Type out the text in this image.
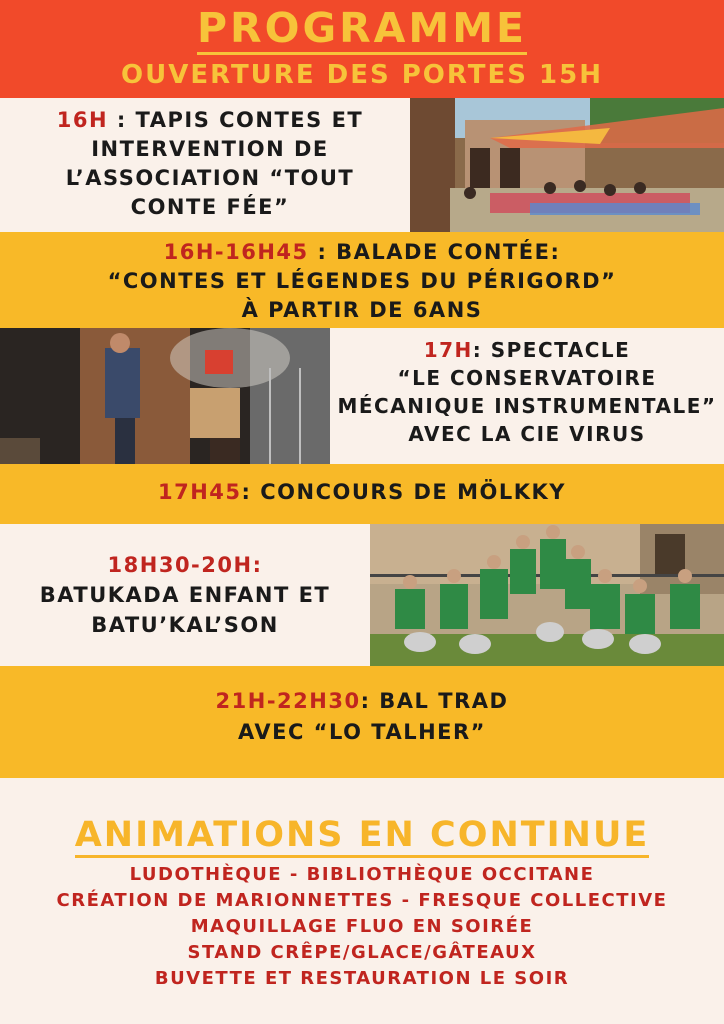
PROGRAMME
OUVERTURE DES PORTES 15H
16H : TAPIS CONTES ET
INTERVENTION DE
L’ASSOCIATION “TOUT
CONTE FÉE”
16H-16H45 : BALADE CONTÉE:
“CONTES ET LÉGENDES DU PÉRIGORD”
À PARTIR DE 6ANS
17H: SPECTACLE
“LE CONSERVATOIRE
MÉCANIQUE INSTRUMENTALE”
AVEC LA CIE VIRUS
17H45: CONCOURS DE MÖLKKY
18H30-20H:
BATUKADA ENFANT ET
BATU’KAL’SON
21H-22H30: BAL TRAD
AVEC “LO TALHER”
ANIMATIONS EN CONTINUE
LUDOTHÈQUE - BIBLIOTHÈQUE OCCITANE
CRÉATION DE MARIONNETTES - FRESQUE COLLECTIVE
MAQUILLAGE FLUO EN SOIRÉE
STAND CRÊPE/GLACE/GÂTEAUX
BUVETTE ET RESTAURATION LE SOIR
